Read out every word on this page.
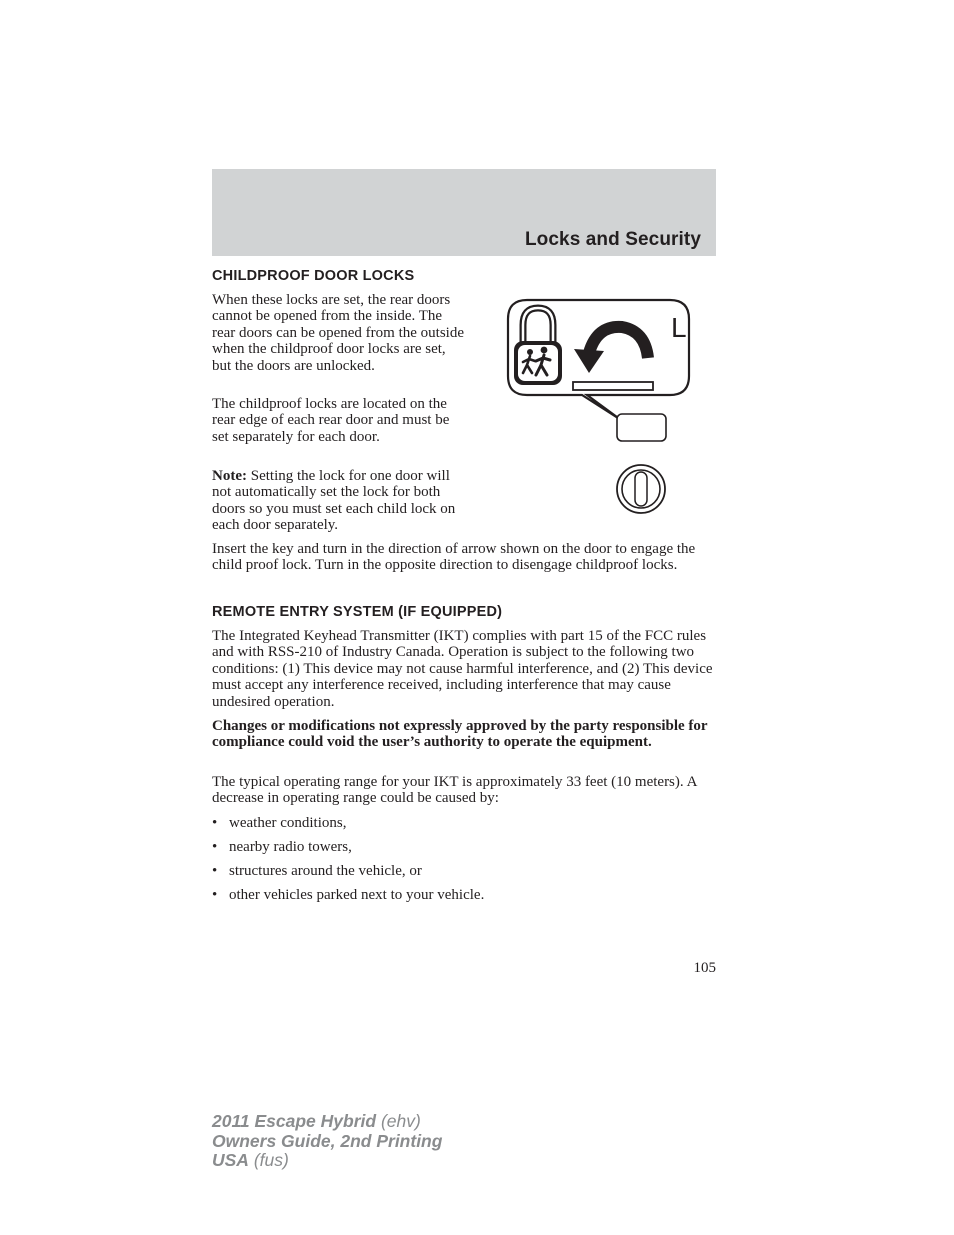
Locks and Security
CHILDPROOF DOOR LOCKS

When these locks are set, the rear doors cannot be opened from the inside. The rear doors can be opened from the outside when the childproof door locks are set, but the doors are unlocked.

The childproof locks are located on the rear edge of each rear door and must be set separately for each door.

Note: Setting the lock for one door will not automatically set the lock for both doors so you must set each child lock on each door separately.

Insert the key and turn in the direction of arrow shown on the door to engage the child proof lock. Turn in the opposite direction to disengage childproof locks.

L
REMOTE ENTRY SYSTEM (IF EQUIPPED)

The Integrated Keyhead Transmitter (IKT) complies with part 15 of the FCC rules and with RSS-210 of Industry Canada. Operation is subject to the following two conditions: (1) This device may not cause harmful interference, and (2) This device must accept any interference received, including interference that may cause undesired operation.

Changes or modifications not expressly approved by the party responsible for compliance could void the user’s authority to operate the equipment.

The typical operating range for your IKT is approximately 33 feet (10 meters). A decrease in operating range could be caused by:

• weather conditions,
• nearby radio towers,
• structures around the vehicle, or
• other vehicles parked next to your vehicle.
105
2011 Escape Hybrid (ehv)
Owners Guide, 2nd Printing
USA (fus)
